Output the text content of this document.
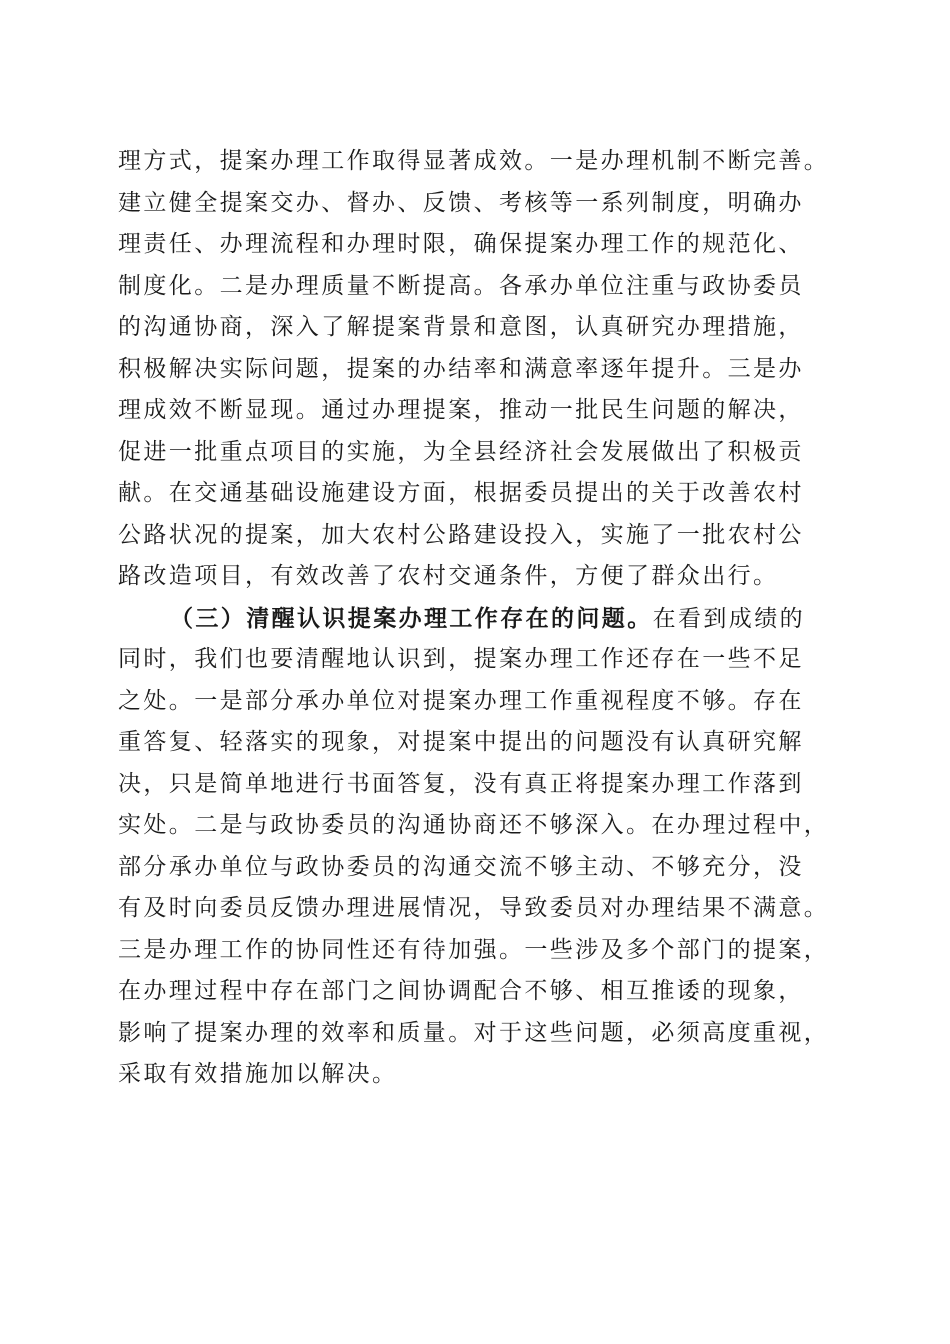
理方式，提案办理工作取得显著成效。一是办理机制不断完善。
建立健全提案交办、督办、反馈、考核等一系列制度，明确办
理责任、办理流程和办理时限，确保提案办理工作的规范化、
制度化。二是办理质量不断提高。各承办单位注重与政协委员
的沟通协商，深入了解提案背景和意图，认真研究办理措施，
积极解决实际问题，提案的办结率和满意率逐年提升。三是办
理成效不断显现。通过办理提案，推动一批民生问题的解决，
促进一批重点项目的实施，为全县经济社会发展做出了积极贡
献。在交通基础设施建设方面，根据委员提出的关于改善农村
公路状况的提案，加大农村公路建设投入，实施了一批农村公
路改造项目，有效改善了农村交通条件，方便了群众出行。
（三）清醒认识提案办理工作存在的问题。在看到成绩的
同时，我们也要清醒地认识到，提案办理工作还存在一些不足
之处。一是部分承办单位对提案办理工作重视程度不够。存在
重答复、轻落实的现象，对提案中提出的问题没有认真研究解
决，只是简单地进行书面答复，没有真正将提案办理工作落到
实处。二是与政协委员的沟通协商还不够深入。在办理过程中，
部分承办单位与政协委员的沟通交流不够主动、不够充分，没
有及时向委员反馈办理进展情况，导致委员对办理结果不满意。
三是办理工作的协同性还有待加强。一些涉及多个部门的提案，
在办理过程中存在部门之间协调配合不够、相互推诿的现象，
影响了提案办理的效率和质量。对于这些问题，必须高度重视，
采取有效措施加以解决。
